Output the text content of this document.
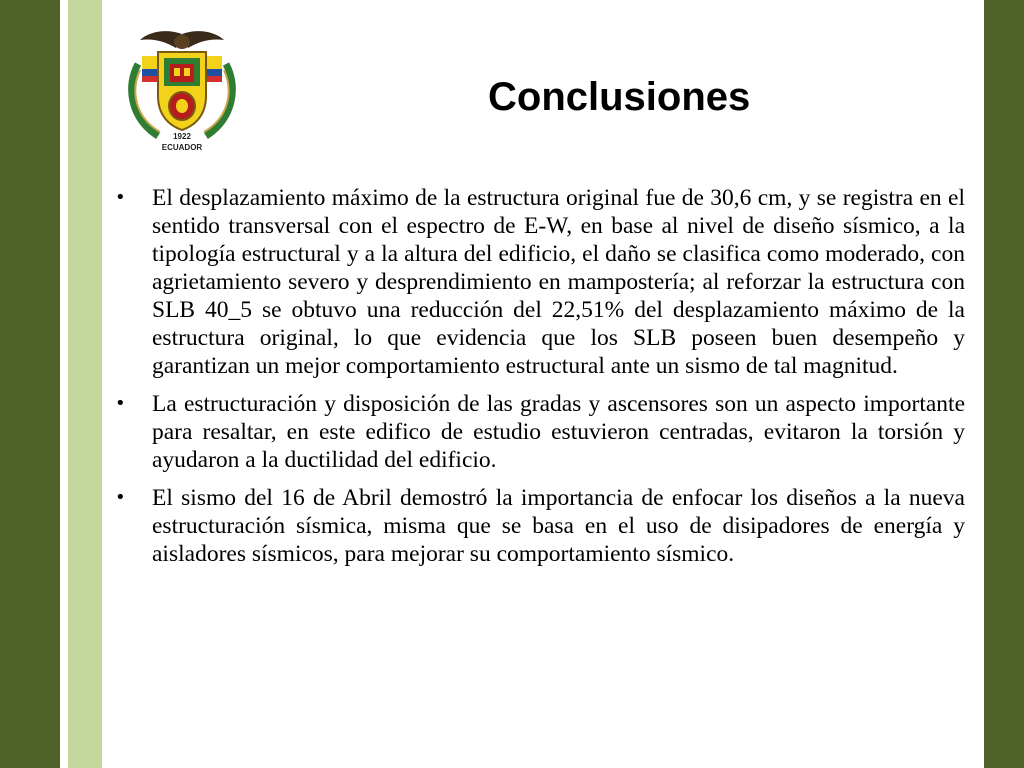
1922
ECUADOR
Conclusiones
• El desplazamiento máximo de la estructura original fue de 30,6 cm, y se registra en el sentido transversal con el espectro de E-W, en base al nivel de diseño sísmico, a la tipología estructural y a la altura del edificio, el daño se clasifica como moderado, con agrietamiento severo y desprendimiento en mampostería; al reforzar la estructura con SLB 40_5 se obtuvo una reducción del 22,51% del desplazamiento máximo de la estructura original, lo que evidencia que los SLB poseen buen desempeño y garantizan un mejor comportamiento estructural ante un sismo de tal magnitud.
• La estructuración y disposición de las gradas y ascensores son un aspecto importante para resaltar, en este edifico de estudio estuvieron centradas, evitaron la torsión y ayudaron a la ductilidad del edificio.
• El sismo del 16 de Abril demostró la importancia de enfocar los diseños a la nueva estructuración sísmica, misma que se basa en el uso de disipadores de energía y aisladores sísmicos, para mejorar su comportamiento sísmico.
